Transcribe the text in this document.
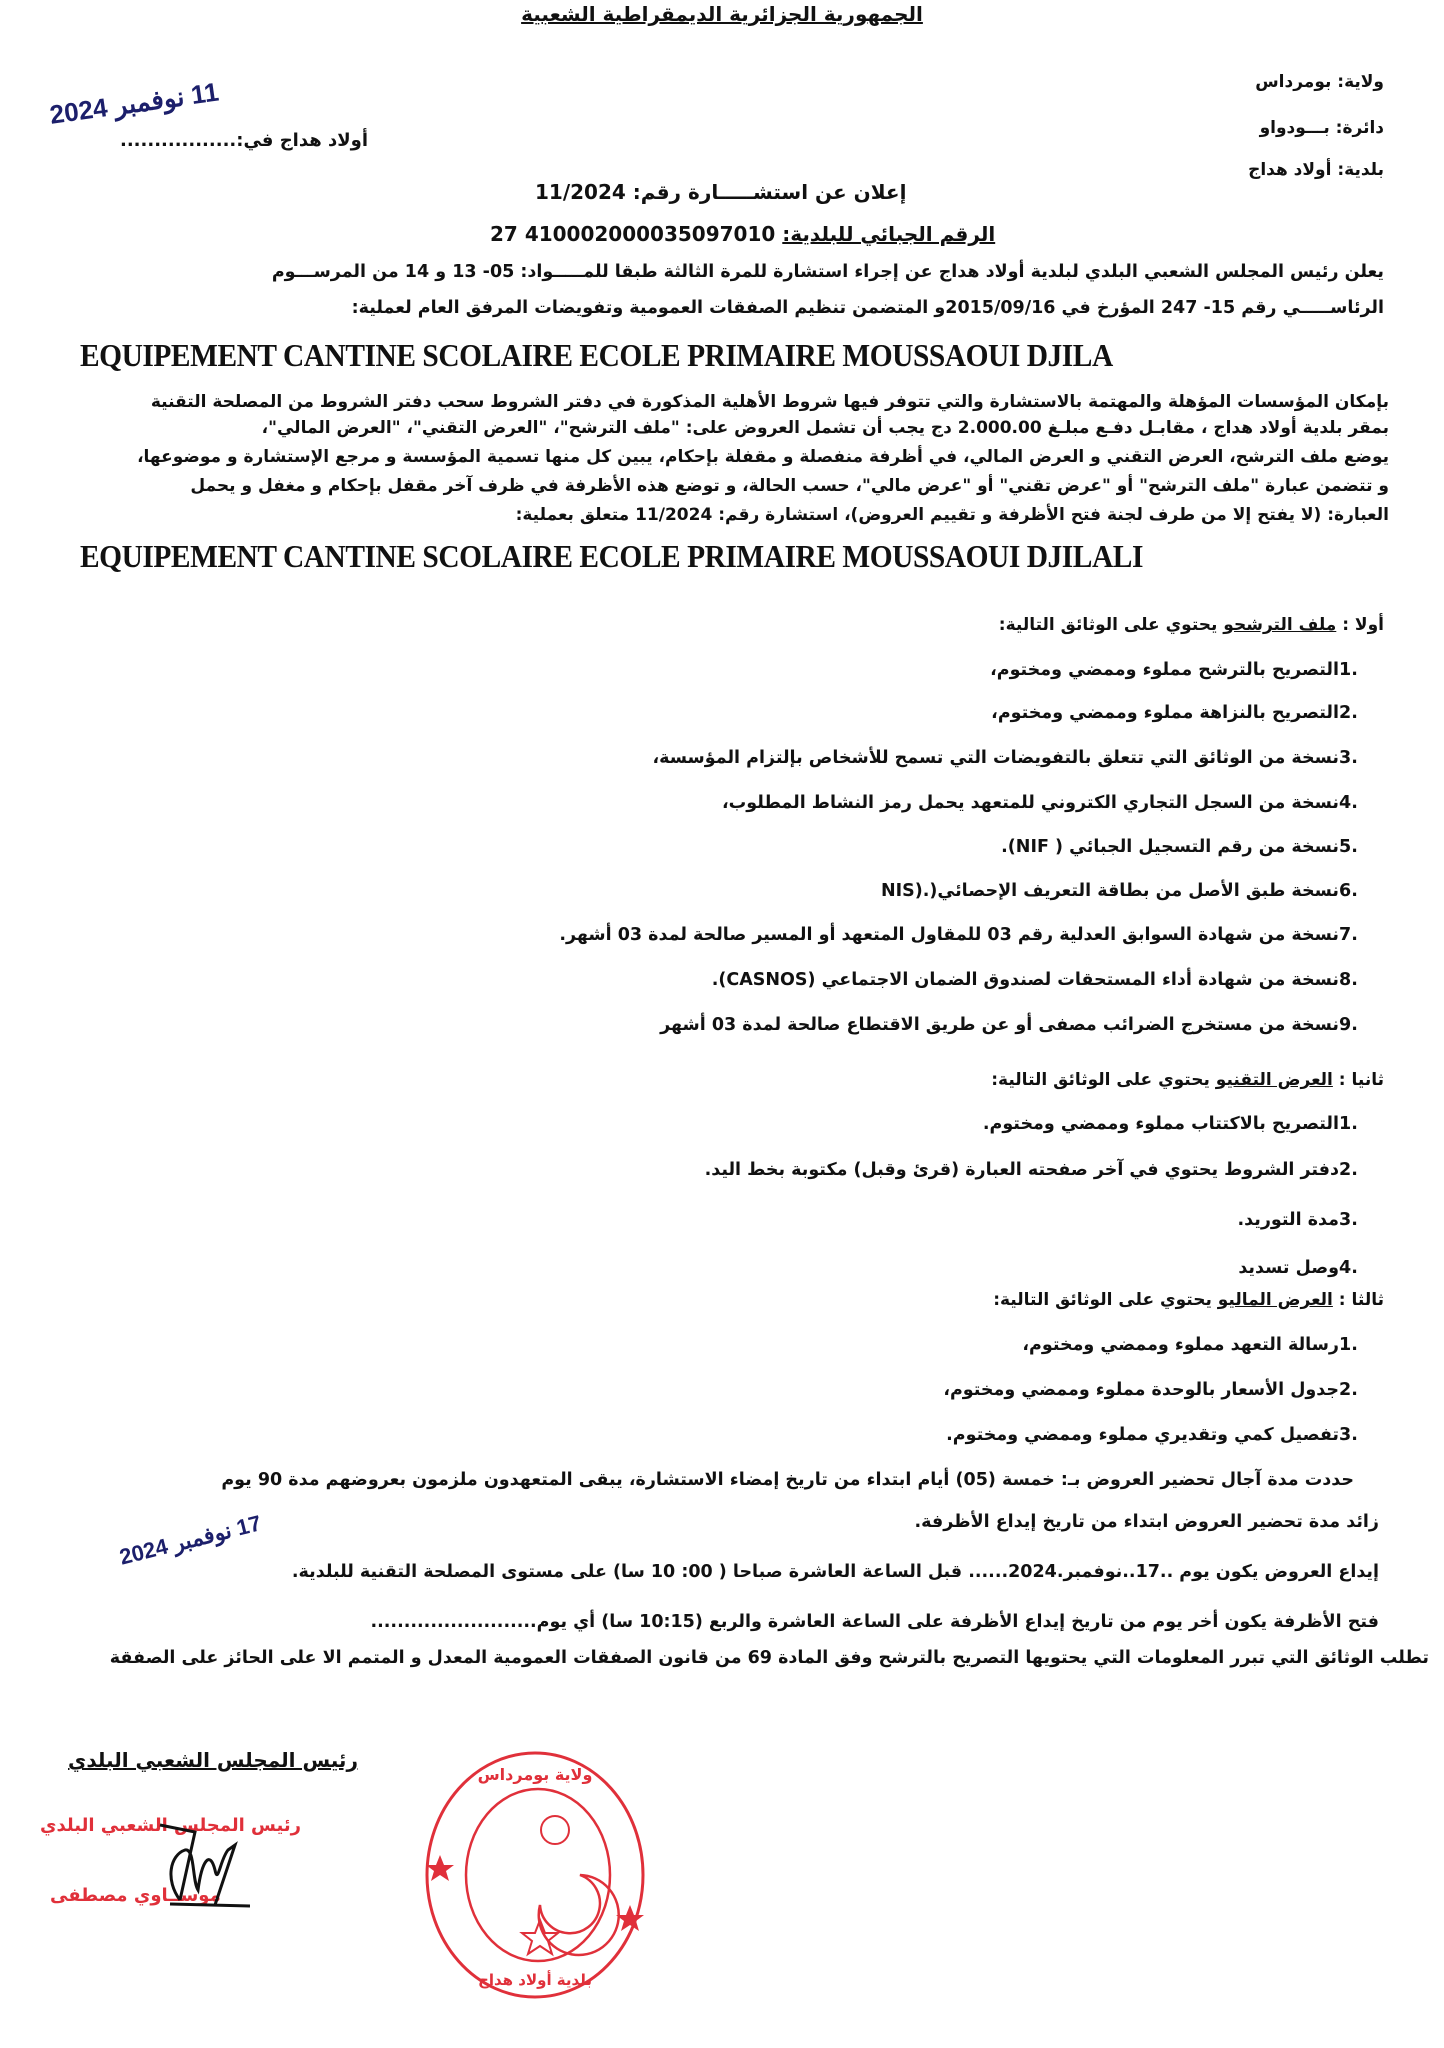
الجمهورية الجزائرية الديمقراطية الشعبية
ولاية: بومرداس
دائرة: بـــودواو
بلدية: أولاد هداج
11 نوفمبر 2024
أولاد هداج في:.................
إعلان عن استشـــــارة رقم: 11/2024
الرقم الجبائي للبلدية: 410002000035097010 27
يعلن رئيس المجلس الشعبي البلدي لبلدية أولاد هداج عن إجراء استشارة للمرة الثالثة طبقا للمـــــواد: 05- 13 و 14 من المرســـوم
الرئاســـــي رقم 15- 247 المؤرخ في 2015/09/16و المتضمن تنظيم الصفقات العمومية وتفويضات المرفق العام لعملية:
EQUIPEMENT CANTINE SCOLAIRE ECOLE PRIMAIRE MOUSSAOUI DJILA
بإمكان المؤسسات المؤهلة والمهتمة بالاستشارة والتي تتوفر فيها شروط الأهلية المذكورة في دفتر الشروط سحب دفتر الشروط من المصلحة التقنية
بمقر بلدية أولاد هداج ، مقابـل دفـع مبلـغ 2.000.00 دج يجب أن تشمل العروض على: "ملف الترشح"، "العرض التقني"، "العرض المالي"،
يوضع ملف الترشح، العرض التقني و العرض المالي، في أظرفة منفصلة و مقفلة بإحكام، يبين كل منها تسمية المؤسسة و مرجع الإستشارة و موضوعها،
و تتضمن عبارة "ملف الترشح" أو "عرض تقني" أو "عرض مالي"، حسب الحالة، و توضع هذه الأظرفة في ظرف آخر مقفل بإحكام و مغفل و يحمل
العبارة: (لا يفتح إلا من طرف لجنة فتح الأظرفة و تقييم العروض)، استشارة رقم: 11/2024 متعلق بعملية:
EQUIPEMENT CANTINE SCOLAIRE ECOLE PRIMAIRE MOUSSAOUI DJILALI
أولا : ملف الترشحو يحتوي على الوثائق التالية:
.1التصريح بالترشح مملوء وممضي ومختوم،
.2التصريح بالنزاهة مملوء وممضي ومختوم،
.3نسخة من الوثائق التي تتعلق بالتفويضات التي تسمح للأشخاص بإلتزام المؤسسة،
.4نسخة من السجل التجاري الكتروني للمتعهد يحمل رمز النشاط المطلوب،
.5نسخة من رقم التسجيل الجبائي ( NIF).
.6نسخة طبق الأصل من بطاقة التعريف الإحصائي(.(NIS
.7نسخة من شهادة السوابق العدلية رقم 03 للمقاول المتعهد أو المسير صالحة لمدة 03 أشهر.
.8نسخة من شهادة أداء المستحقات لصندوق الضمان الاجتماعي (CASNOS).
.9نسخة من مستخرج الضرائب مصفى أو عن طريق الاقتطاع صالحة لمدة 03 أشهر
ثانيا : العرض التقنيو يحتوي على الوثائق التالية:
.1التصريح بالاكتتاب مملوء وممضي ومختوم.
.2دفتر الشروط يحتوي في آخر صفحته العبارة (قرئ وقبل) مكتوبة بخط اليد.
.3مدة التوريد.
.4وصل تسديد
ثالثا : العرض الماليو يحتوي على الوثائق التالية:
.1رسالة التعهد مملوء وممضي ومختوم،
.2جدول الأسعار بالوحدة مملوء وممضي ومختوم،
.3تفصيل كمي وتقديري مملوء وممضي ومختوم.
حددت مدة آجال تحضير العروض بـ: خمسة (05) أيام ابتداء من تاريخ إمضاء الاستشارة، يبقى المتعهدون ملزمون بعروضهم مدة 90 يوم
زائد مدة تحضير العروض ابتداء من تاريخ إيداع الأظرفة.
إيداع العروض يكون يوم ..17..نوفمبر.2024...... قبل الساعة العاشرة صباحا ( 00: 10 سا) على مستوى المصلحة التقنية للبلدية.
17 نوفمبر 2024
فتح الأظرفة يكون أخر يوم من تاريخ إيداع الأظرفة على الساعة العاشرة والربع (10:15 سا) أي يوم.........................
تطلب الوثائق التي تبرر المعلومات التي يحتويها التصريح بالترشح وفق المادة 69 من قانون الصفقات العمومية المعدل و المتمم الا على الحائز على الصفقة
رئيس المجلس الشعبي البلدي
رئيس المجلس الشعبي البلدي
موســاوي مصطفى
ولاية بومرداس
بلدية أولاد هداج
